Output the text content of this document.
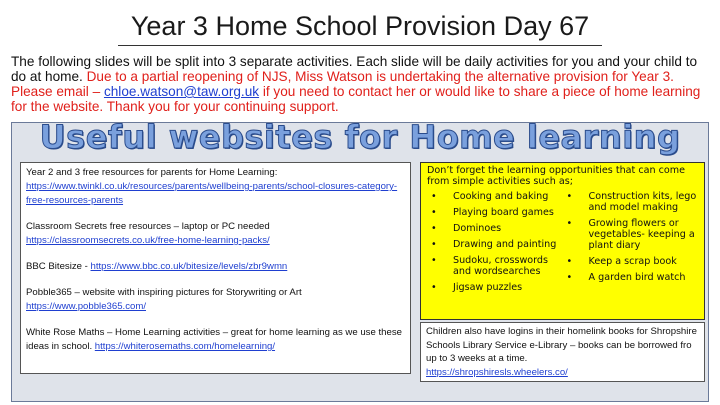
Year 3 Home School Provision Day 67
The following slides will be split into 3 separate activities. Each slide will be daily activities for you and your child to do at home. Due to a partial reopening of NJS, Miss Watson is undertaking the alternative provision for Year 3. Please email – chloe.watson@taw.org.uk if you need to contact her or would like to share a piece of home learning for the website. Thank you for your continuing support.
Useful websites for Home learning

Year 2 and 3 free resources for parents for Home Learning:
https://www.twinkl.co.uk/resources/parents/wellbeing-parents/school-closures-category-free-resources-parents

Classroom Secrets free resources – laptop or PC needed
https://classroomsecrets.co.uk/free-home-learning-packs/

BBC Bitesize - https://www.bbc.co.uk/bitesize/levels/zbr9wmn

Pobble365 – website with inspiring pictures for Storywriting or Art
https://www.pobble365.com/

White Rose Maths – Home Learning activities – great for home learning as we use these ideas in school. https://whiterosemaths.com/homelearning/

Don’t forget the learning opportunities that can come from simple activities such as;
•	Cooking and baking
•	Playing board games
•	Dominoes
•	Drawing and painting
•	Sudoku, crosswords and wordsearches
•	Jigsaw puzzles
•	Construction kits, lego and model making
•	Growing flowers or vegetables- keeping a plant diary
•	Keep a scrap book
•	A garden bird watch
Children also have logins in their homelink books for Shropshire Schools Library Service e-Library – books can be borrowed fro up to 3 weeks at a time.
https://shropshiresls.wheelers.co/
